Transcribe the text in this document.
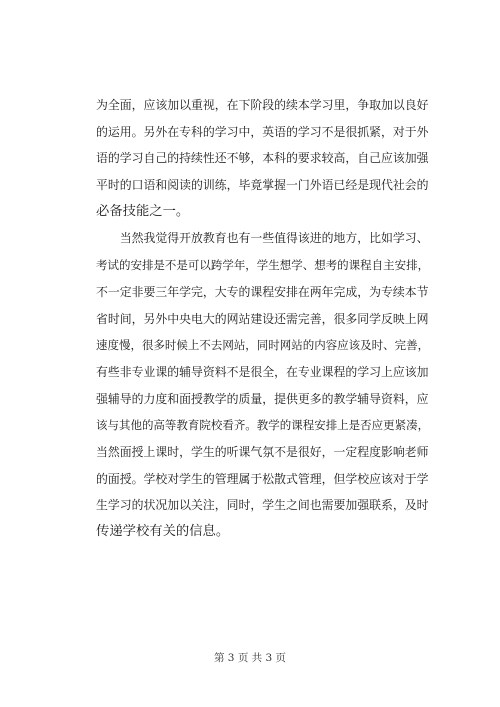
为全面，应该加以重视，在下阶段的续本学习里，争取加以良好
的运用。另外在专科的学习中，英语的学习不是很抓紧，对于外
语的学习自己的持续性还不够，本科的要求较高，自己应该加强
平时的口语和阅读的训练，毕竟掌握一门外语已经是现代社会的
必备技能之一。
　　当然我觉得开放教育也有一些值得该进的地方，比如学习、
考试的安排是不是可以跨学年，学生想学、想考的课程自主安排，
不一定非要三年学完，大专的课程安排在两年完成，为专续本节
省时间，另外中央电大的网站建设还需完善，很多同学反映上网
速度慢，很多时候上不去网站，同时网站的内容应该及时、完善，
有些非专业课的辅导资料不是很全，在专业课程的学习上应该加
强辅导的力度和面授教学的质量，提供更多的教学辅导资料，应
该与其他的高等教育院校看齐。教学的课程安排上是否应更紧凑，
当然面授上课时，学生的听课气氛不是很好，一定程度影响老师
的面授。学校对学生的管理属于松散式管理，但学校应该对于学
生学习的状况加以关注，同时，学生之间也需要加强联系，及时
传递学校有关的信息。
第 3 页 共 3 页
